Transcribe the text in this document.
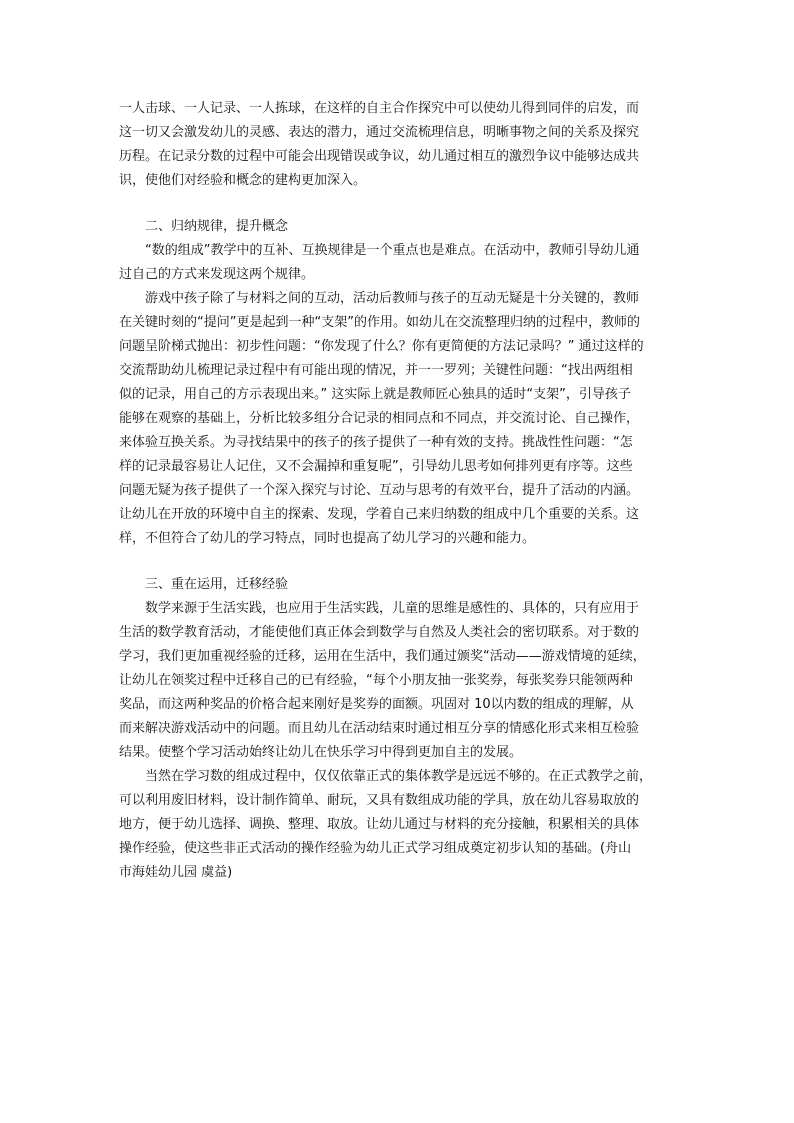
一人击球、一人记录、一人拣球，在这样的自主合作探究中可以使幼儿得到同伴的启发，而
这一切又会激发幼儿的灵感、表达的潜力，通过交流梳理信息，明晰事物之间的关系及探究
历程。在记录分数的过程中可能会出现错误或争议，幼儿通过相互的激烈争议中能够达成共
识，使他们对经验和概念的建构更加深入。
二、归纳规律，提升概念
“数的组成”教学中的互补、互换规律是一个重点也是难点。在活动中，教师引导幼儿通
过自己的方式来发现这两个规律。
游戏中孩子除了与材料之间的互动，活动后教师与孩子的互动无疑是十分关键的，教师
在关键时刻的“提问”更是起到一种“支架”的作用。如幼儿在交流整理归纳的过程中，教师的
问题呈阶梯式抛出：初步性问题：“你发现了什么？你有更简便的方法记录吗？” 通过这样的
交流帮助幼儿梳理记录过程中有可能出现的情况，并一一罗列；关键性问题：“找出两组相
似的记录，用自己的方示表现出来。” 这实际上就是教师匠心独具的适时“支架”，引导孩子
能够在观察的基础上，分析比较多组分合记录的相同点和不同点，并交流讨论、自己操作，
来体验互换关系。为寻找结果中的孩子的孩子提供了一种有效的支持。挑战性性问题：“怎
样的记录最容易让人记住，又不会漏掉和重复呢”，引导幼儿思考如何排列更有序等。这些
问题无疑为孩子提供了一个深入探究与讨论、互动与思考的有效平台，提升了活动的内涵。
让幼儿在开放的环境中自主的探索、发现，学着自己来归纳数的组成中几个重要的关系。这
样，不但符合了幼儿的学习特点，同时也提高了幼儿学习的兴趣和能力。
三、重在运用，迁移经验
数学来源于生活实践，也应用于生活实践，儿童的思维是感性的、具体的，只有应用于
生活的数学教育活动，才能使他们真正体会到数学与自然及人类社会的密切联系。对于数的
学习，我们更加重视经验的迁移，运用在生活中，我们通过颁奖“活动——游戏情境的延续，
让幼儿在领奖过程中迁移自己的已有经验，“每个小朋友抽一张奖券，每张奖券只能领两种
奖品，而这两种奖品的价格合起来刚好是奖券的面额。巩固对 10以内数的组成的理解，从
而来解决游戏活动中的问题。而且幼儿在活动结束时通过相互分享的情感化形式来相互检验
结果。使整个学习活动始终让幼儿在快乐学习中得到更加自主的发展。
当然在学习数的组成过程中，仅仅依靠正式的集体教学是远远不够的。在正式教学之前，
可以利用废旧材料，设计制作简单、耐玩，又具有数组成功能的学具，放在幼儿容易取放的
地方，便于幼儿选择、调换、整理、取放。让幼儿通过与材料的充分接触，积累相关的具体
操作经验，使这些非正式活动的操作经验为幼儿正式学习组成奠定初步认知的基础。(舟山
市海娃幼儿园 虞益)
